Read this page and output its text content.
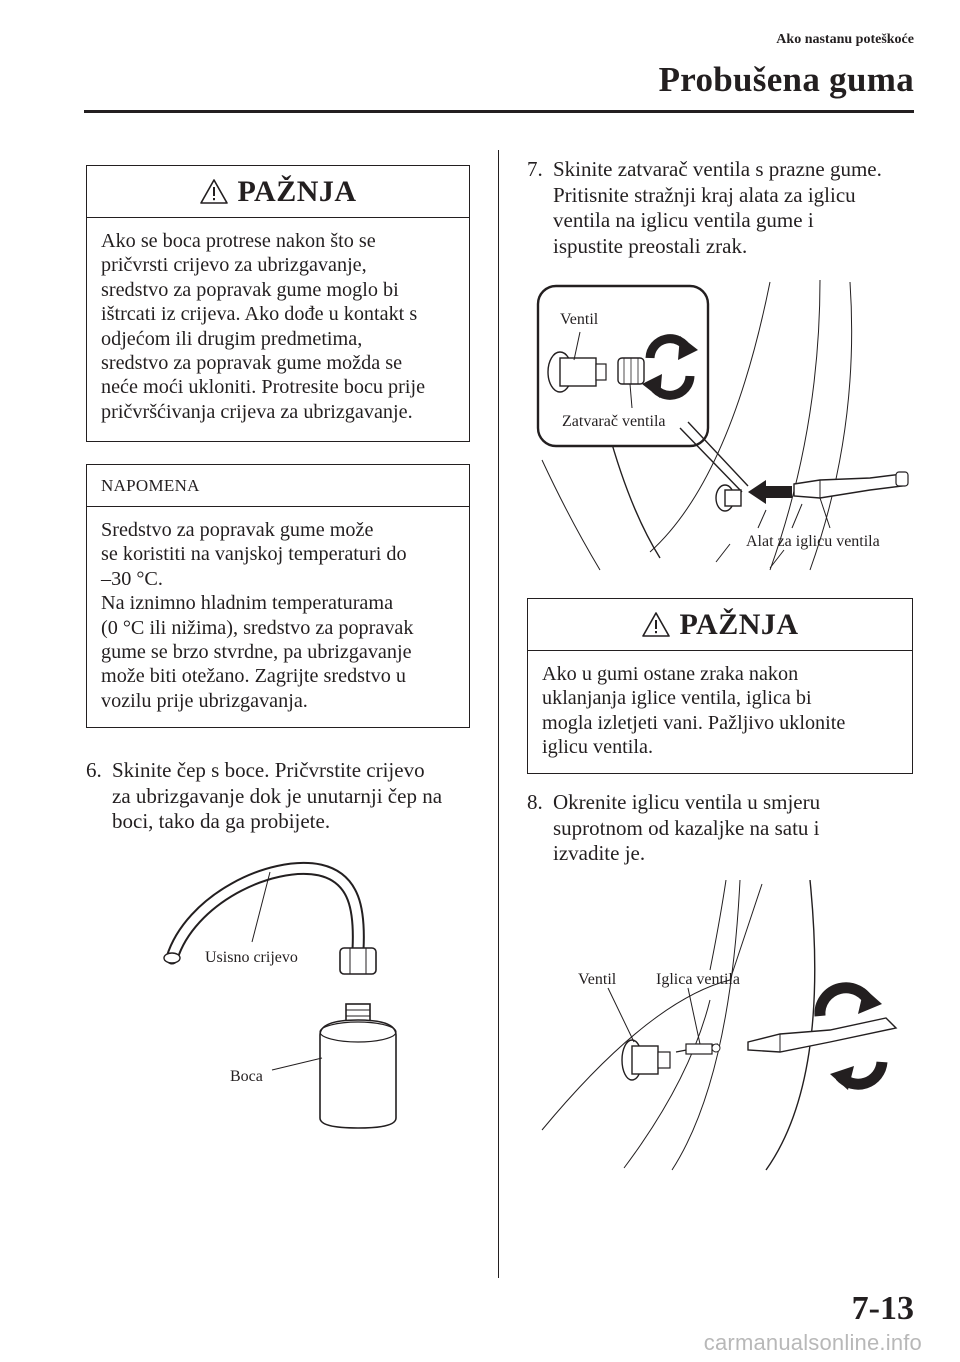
Ako nastanu poteškoće
Probušena guma
PAŽNJA
Ako se boca protrese nakon što se
pričvrsti crijevo za ubrizgavanje,
sredstvo za popravak gume moglo bi
ištrcati iz crijeva. Ako dođe u kontakt s
odjećom ili drugim predmetima,
sredstvo za popravak gume možda se
neće moći ukloniti. Protresite bocu prije
pričvršćivanja crijeva za ubrizgavanje.
NAPOMENA
Sredstvo za popravak gume može
se koristiti na vanjskoj temperaturi do
–30 °C.
Na iznimno hladnim temperaturama
(0 °C ili nižima), sredstvo za popravak
gume se brzo stvrdne, pa ubrizgavanje
može biti otežano. Zagrijte sredstvo u
vozilu prije ubrizgavanja.
6. Skinite čep s boce. Pričvrstite crijevo
za ubrizgavanje dok je unutarnji čep na
boci, tako da ga probijete.
Usisno crijevo
Boca
7. Skinite zatvarač ventila s prazne gume.
Pritisnite stražnji kraj alata za iglicu
ventila na iglicu ventila gume i
ispustite preostali zrak.
Ventil
Zatvarač ventila
Alat za iglicu ventila
PAŽNJA
Ako u gumi ostane zraka nakon
uklanjanja iglice ventila, iglica bi
mogla izletjeti vani. Pažljivo uklonite
iglicu ventila.
8. Okrenite iglicu ventila u smjeru
suprotnom od kazaljke na satu i
izvadite je.
Ventil Iglica ventila
7-13
carmanualsonline.info
